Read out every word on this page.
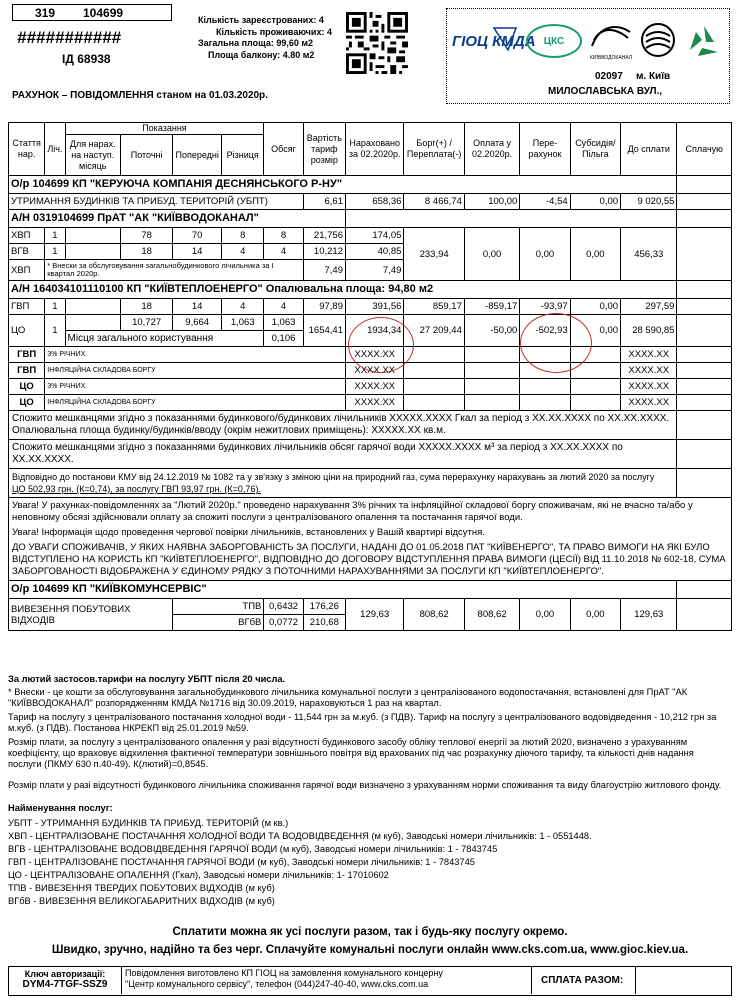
319 104699
###########
ІД 68938
Кількість зареєстрованих: 4
Кількість проживаючих: 4
Загальна площа: 99,60 м2
Площа балкону: 4.80 м2
ГІОЦ КМДА ЦКС
КИЇВВОДОКАНАЛ
02097 м. Київ
МИЛОСЛАВСЬКА ВУЛ.,
РАХУНОК – ПОВІДОМЛЕННЯ станом на 01.03.2020р.
Стаття нар.	Ліч.	Показання				Обсяг	Вартість тариф розмір	Нараховано за 02.2020р.	Борг(+) / Переплата(-)	Оплата у 02.2020р.	Пере-рахунок	Субсидія/ Пільга	До сплати	Сплачую
		Для нарах. на наступ. місяць	Поточні	Попередні	Різниця									
О/р 104699 КП "КЕРУЮЧА КОМПАНІЯ ДЕСНЯНСЬКОГО Р-НУ"														
УТРИМАННЯ БУДИНКІВ ТА ПРИБУД. ТЕРИТОРІЙ (УБПТ)							6,61	658,36	8 466,74	100,00	-4,54	0,00	9 020,55	
А/Н 0319104699 ПрАТ "АК "КИЇВВОДОКАНАЛ"														
ХВП	1		78	70	8	8	21,756	174,05	233,94	0,00	0,00	0,00	456,33	
ВГВ	1		18	14	4	4	10,212	40,85						
ХВП	* Внески за обслуговування загальнобудинкового лічильника за І квартал 2020р.						7,49	7,49						
А/Н 164034101110100 КП "КИЇВТЕПЛОЕНЕРГО" Опалювальна площа: 94,80 м2														
ГВП	1		18	14	4	4	97,89	391,56	859,17	-859,17	-93,97	0,00	297,59	
ЦО	1		10,727	9,664	1,063	1,063	1654,41	1934,34	27 209,44	-50,00	-502,93	0,00	28 590,85	
		Місця загального користування				0,106								
ГВП	3% РІЧНИХ							XXXX.XX					XXXX.XX	
ГВП	ІНФЛЯЦІЙНА СКЛАДОВА БОРГУ							XXXX.XX					XXXX.XX	
ЦО	3% РІЧНИХ							XXXX.XX					XXXX.XX	
ЦО	ІНФЛЯЦІЙНА СКЛАДОВА БОРГУ							XXXX.XX					XXXX.XX	
Спожито мешканцями згідно з показаннями будинкового/будинкових лічильників XXXXX.XXXX Гкал за період з XX.XX.XXXX по XX.XX.XXXX. Опалювальна площа будинку/будинків/вводу (окрім нежитлових приміщень): XXXXX.XX кв.м.														
Спожито мешканцями згідно з показаннями будинкових лічильників обсяг гарячої води XXXXX.XXXX м³ за період з XX.XX.XXXX по XX.XX.XXXX.														

Відповідно до постанови КМУ від 24.12.2019 № 1082 та у зв'язку з зміною ціни на природний газ, сума перерахунку нарахувань за лютий 2020 за послугу
ЦО 502,93 грн. (К=0,74), за послугу ГВП 93,97 грн. (К=0,76).														

Увага! У рахунках-повідомленнях за "Лютий 2020р." проведено нарахування 3% річних та інфляційної складової боргу споживачам, які не вчасно та/або у неповному обсязі здійснювали оплату за спожиті послуги з централізованого опалення та постачання гарячої води.
Увага! Інформація щодо проведення чергової повірки лічильників, встановлених у Вашій квартирі відсутня.
ДО УВАГИ СПОЖИВАЧІВ, У ЯКИХ НАЯВНА ЗАБОРГОВАНІСТЬ ЗА ПОСЛУГИ, НАДАНІ ДО 01.05.2018 ПАТ "КИЇВЕНЕРГО", ТА ПРАВО ВИМОГИ НА ЯКІ БУЛО ВІДСТУПЛЕНО НА КОРИСТЬ КП "КИЇВТЕПЛОЕНЕРГО", ВІДПОВІДНО ДО ДОГОВОРУ ВІДСТУПЛЕННЯ ПРАВА ВИМОГИ (ЦЕСІЇ) ВІД 11.10.2018 № 602-18, СУМА ЗАБОРГОВАНОСТІ ВІДОБРАЖЕНА У ЄДИНОМУ РЯДКУ З ПОТОЧНИМИ НАРАХУВАННЯМИ ЗА ПОСЛУГИ КП "КИЇВТЕПЛОЕНЕРГО".														

О/р 104699 КП "КИЇВКОМУНСЕРВІС"														
ВИВЕЗЕННЯ ПОБУТОВИХ ВІДХОДІВ				ТПВ		0,6432	176,26	129,63	808,62	808,62	0,00	0,00	129,63	
				ВГбВ		0,0772	210,68							
За лютий застосов.тарифи на послугу УБПТ після 20 числа.
* Внески - це кошти за обслуговування загальнобудинкового лічильника комунальної послуги з централізованого водопостачання, встановлені для ПрАТ "АК "КИЇВВОДОКАНАЛ" розпорядженням КМДА №1716 від 30.09.2019, нараховуються 1 раз на квартал.
Тариф на послугу з централізованого постачання холодної води - 11,544 грн за м.куб. (з ПДВ). Тариф на послугу з централізованого водовідведення - 10,212 грн за м.куб. (з ПДВ). Постанова НКРЕКП від 25.01.2019 №59.
Розмір плати, за послугу з централізованого опалення у разі відсутності будинкового засобу обліку теплової енергії за лютий 2020, визначено з урахуванням коефіцієнту, що враховує відхилення фактичної температури зовнішнього повітря від врахованих під час розрахунку діючого тарифу, та кількості днів надання послуги (ПКМУ 630 п.40-49). К(лютий)=0,8545.
Розмір плати у разі відсутності будинкового лічильника споживання гарячої води визначено з урахуванням норми споживання та виду благоустрію житлового фонду.
Найменування послуг:
УБПТ - УТРИМАННЯ БУДИНКІВ ТА ПРИБУД. ТЕРИТОРІЙ (м кв.)
ХВП - ЦЕНТРАЛІЗОВАНЕ ПОСТАЧАННЯ ХОЛОДНОЇ ВОДИ ТА ВОДОВІДВЕДЕННЯ (м куб), Заводські номери лічильників: 1 - 0551448.
ВГВ - ЦЕНТРАЛІЗОВАНЕ ВОДОВІДВЕДЕННЯ ГАРЯЧОЇ ВОДИ (м куб), Заводські номери лічильників: 1 - 7843745
ГВП - ЦЕНТРАЛІЗОВАНЕ ПОСТАЧАННЯ ГАРЯЧОЇ ВОДИ (м куб), Заводські номери лічильників: 1 - 7843745
ЦО - ЦЕНТРАЛІЗОВАНЕ ОПАЛЕННЯ (Гкал), Заводські номери лічильників: 1- 17010602
ТПВ - ВИВЕЗЕННЯ ТВЕРДИХ ПОБУТОВИХ ВІДХОДІВ (м куб)
ВГбВ - ВИВЕЗЕННЯ ВЕЛИКОГАБАРИТНИХ ВІДХОДІВ (м куб)
Сплатити можна як усі послуги разом, так і будь-яку послугу окремо.
Швидко, зручно, надійно та без черг. Сплачуйте комунальні послуги онлайн www.cks.com.ua, www.gioc.kiev.ua.
Ключ авторизації:
DYM4-7TGF-SSZ9
Повідомлення виготовлено КП ГІОЦ на замовлення комунального концерну "Центр комунального сервісу", телефон (044)247-40-40, www.cks.com.ua	СПЛАТА РАЗОМ:
